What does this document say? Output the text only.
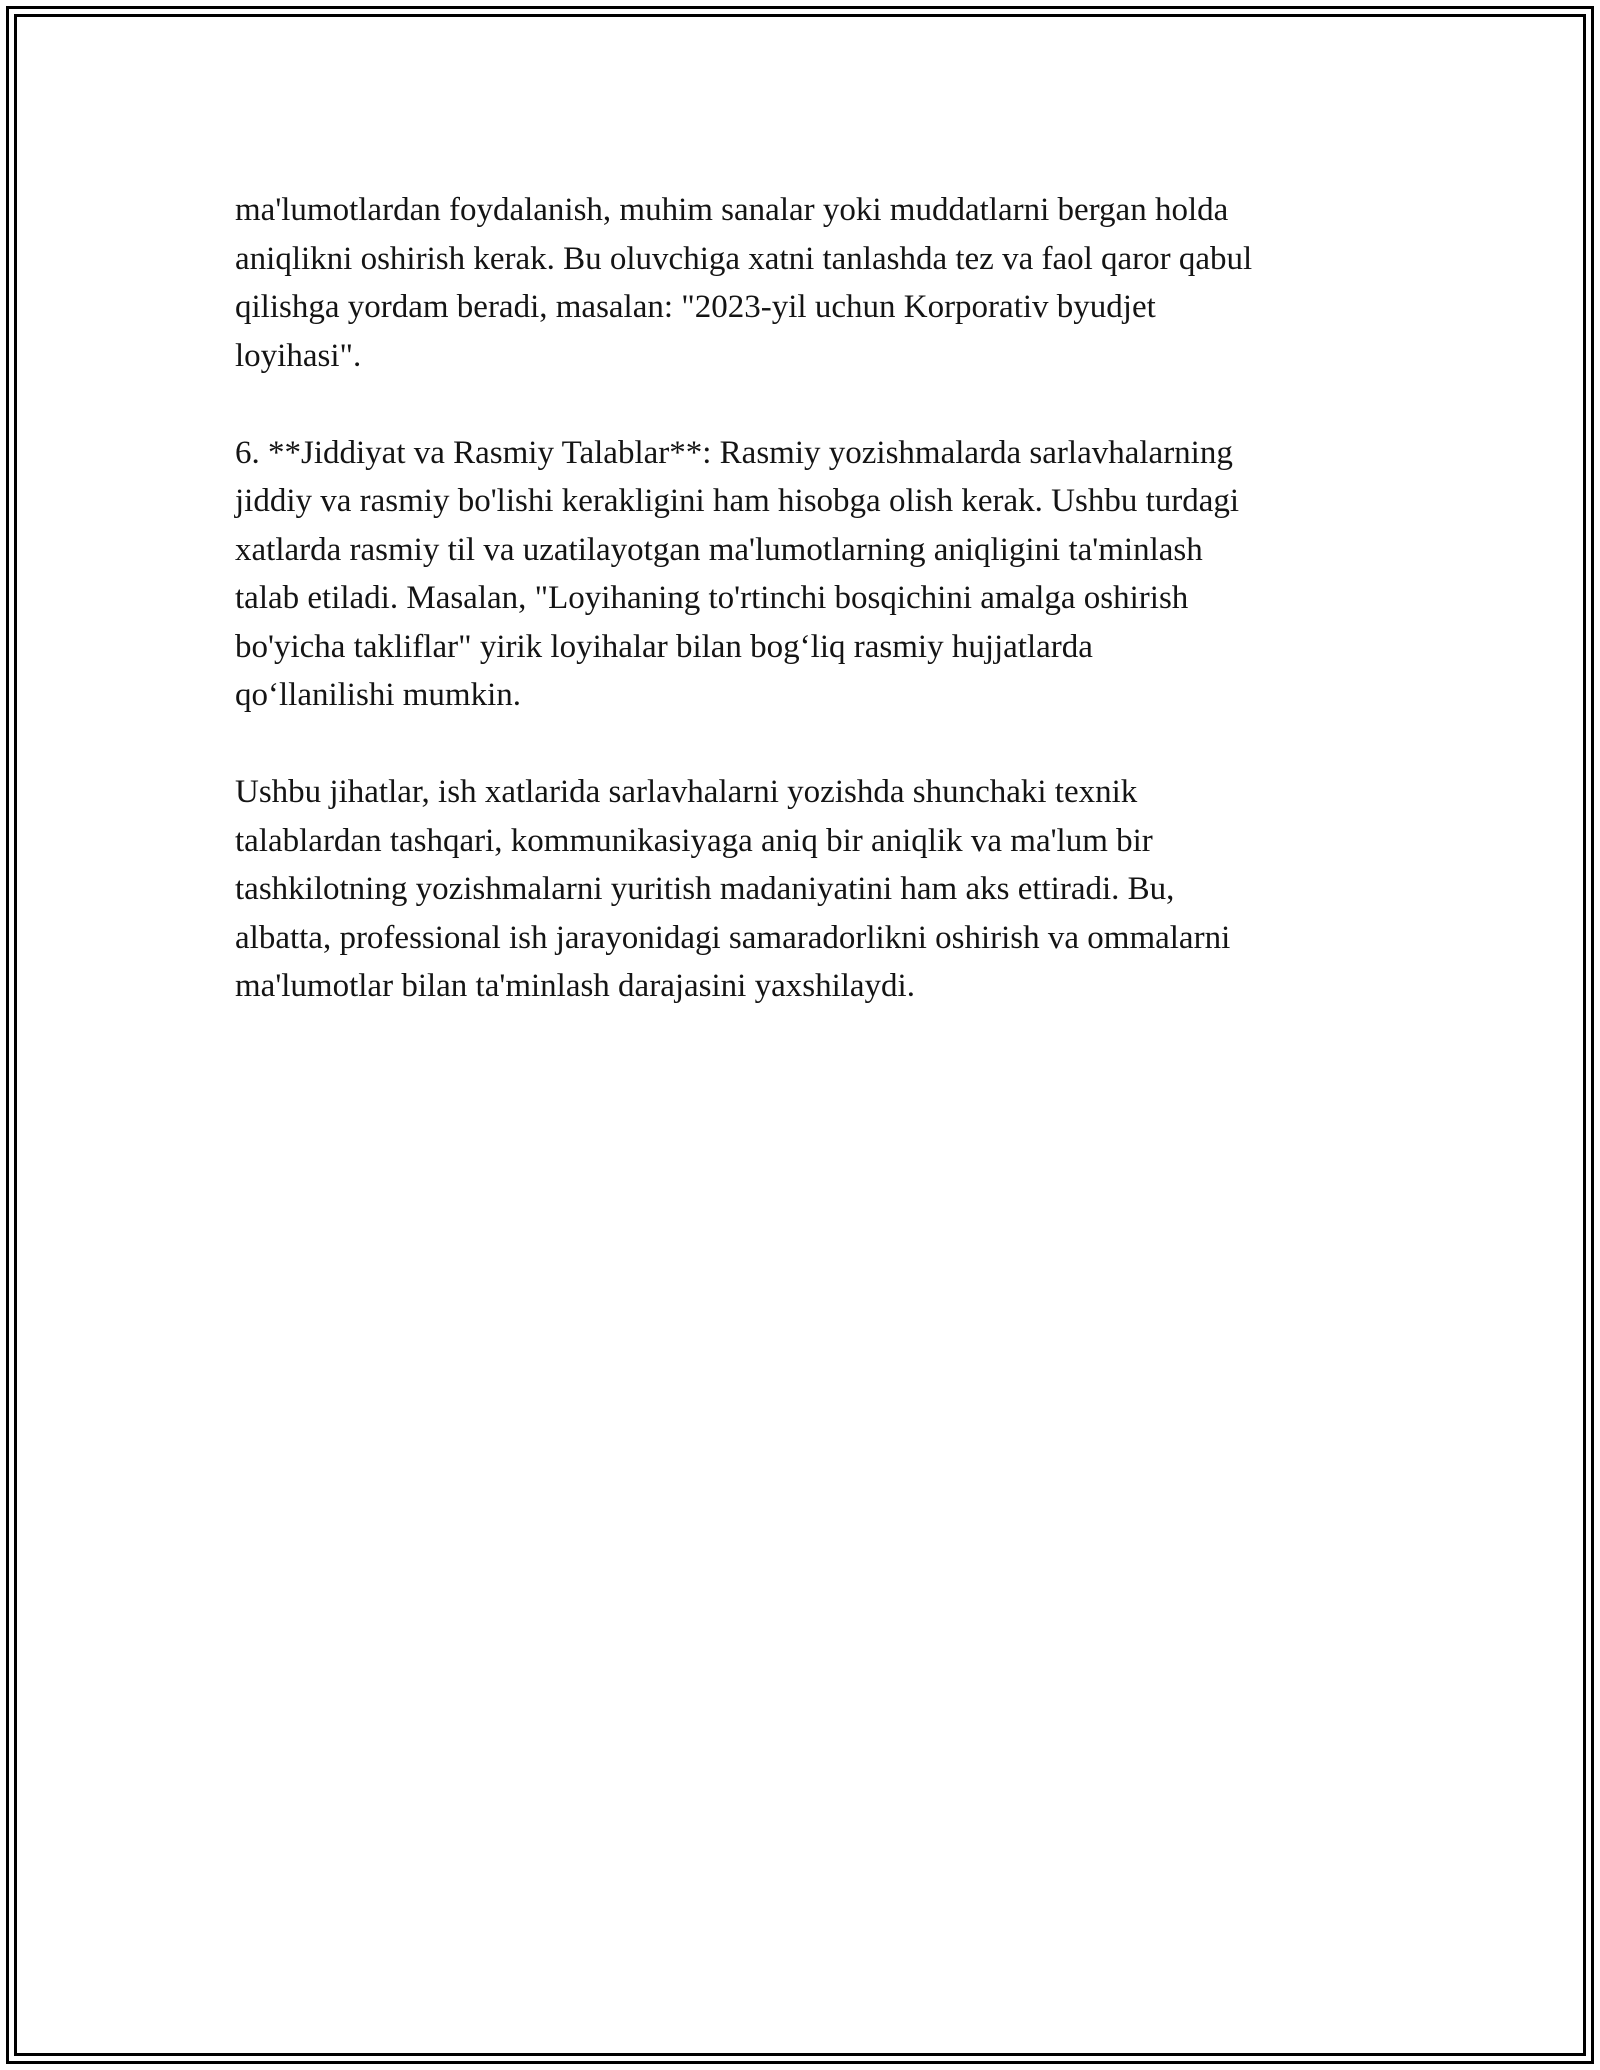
ma'lumotlardan foydalanish, muhim sanalar yoki muddatlarni bergan holda
aniqlikni oshirish kerak. Bu oluvchiga xatni tanlashda tez va faol qaror qabul
qilishga yordam beradi, masalan: "2023-yil uchun Korporativ byudjet
loyihasi".

6. **Jiddiyat va Rasmiy Talablar**: Rasmiy yozishmalarda sarlavhalarning
jiddiy va rasmiy bo'lishi kerakligini ham hisobga olish kerak. Ushbu turdagi
xatlarda rasmiy til va uzatilayotgan ma'lumotlarning aniqligini ta'minlash
talab etiladi. Masalan, "Loyihaning to'rtinchi bosqichini amalga oshirish
bo'yicha takliflar" yirik loyihalar bilan bog‘liq rasmiy hujjatlarda
qo‘llanilishi mumkin.

Ushbu jihatlar, ish xatlarida sarlavhalarni yozishda shunchaki texnik
talablardan tashqari, kommunikasiyaga aniq bir aniqlik va ma'lum bir
tashkilotning yozishmalarni yuritish madaniyatini ham aks ettiradi. Bu,
albatta, professional ish jarayonidagi samaradorlikni oshirish va ommalarni
ma'lumotlar bilan ta'minlash darajasini yaxshilaydi.
